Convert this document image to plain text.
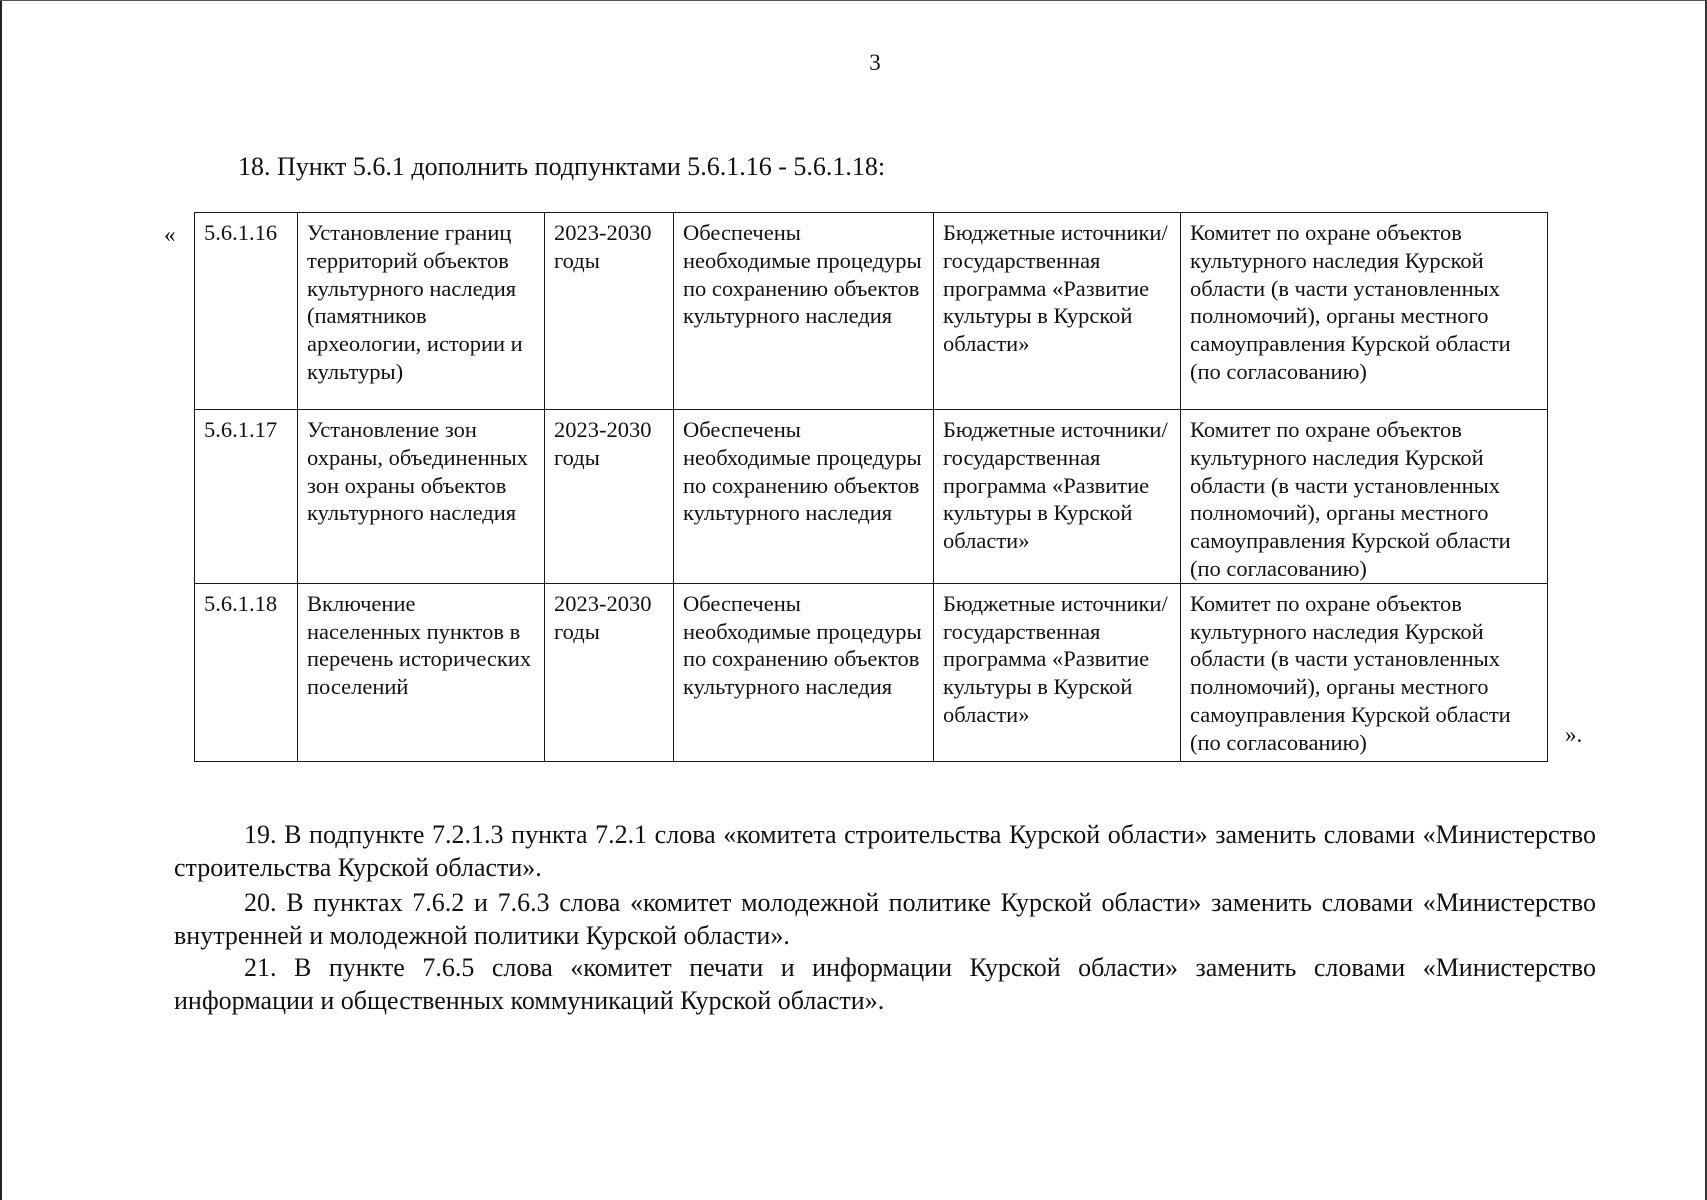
3
18. Пункт 5.6.1 дополнить подпунктами 5.6.1.16 - 5.6.1.18:
« 5.6.1.16	Установление границ территорий объектов культурного наследия (памятников археологии, истории и культуры)	2023-2030 годы	Обеспечены необходимые процедуры по сохранению объектов культурного наследия	Бюджетные источники/ государственная программа «Развитие культуры в Курской области»	Комитет по охране объектов культурного наследия Курской области (в части установленных полномочий), органы местного самоуправления Курской области (по согласованию)
5.6.1.17	Установление зон охраны, объединенных зон охраны объектов культурного наследия	2023-2030 годы	Обеспечены необходимые процедуры по сохранению объектов культурного наследия	Бюджетные источники/ государственная программа «Развитие культуры в Курской области»	Комитет по охране объектов культурного наследия Курской области (в части установленных полномочий), органы местного самоуправления Курской области (по согласованию)
5.6.1.18	Включение населенных пунктов в перечень исторических поселений	2023-2030 годы	Обеспечены необходимые процедуры по сохранению объектов культурного наследия	Бюджетные источники/ государственная программа «Развитие культуры в Курской области»	Комитет по охране объектов культурного наследия Курской области (в части установленных полномочий), органы местного самоуправления Курской области (по согласованию)	».
19. В подпункте 7.2.1.3 пункта 7.2.1 слова «комитета строительства Курской области» заменить словами «Министерство строительства Курской области».
20. В пунктах 7.6.2 и 7.6.3 слова «комитет молодежной политике Курской области» заменить словами «Министерство внутренней и молодежной политики Курской области».
21. В пункте 7.6.5 слова «комитет печати и информации Курской области» заменить словами «Министерство информации и общественных коммуникаций Курской области».
